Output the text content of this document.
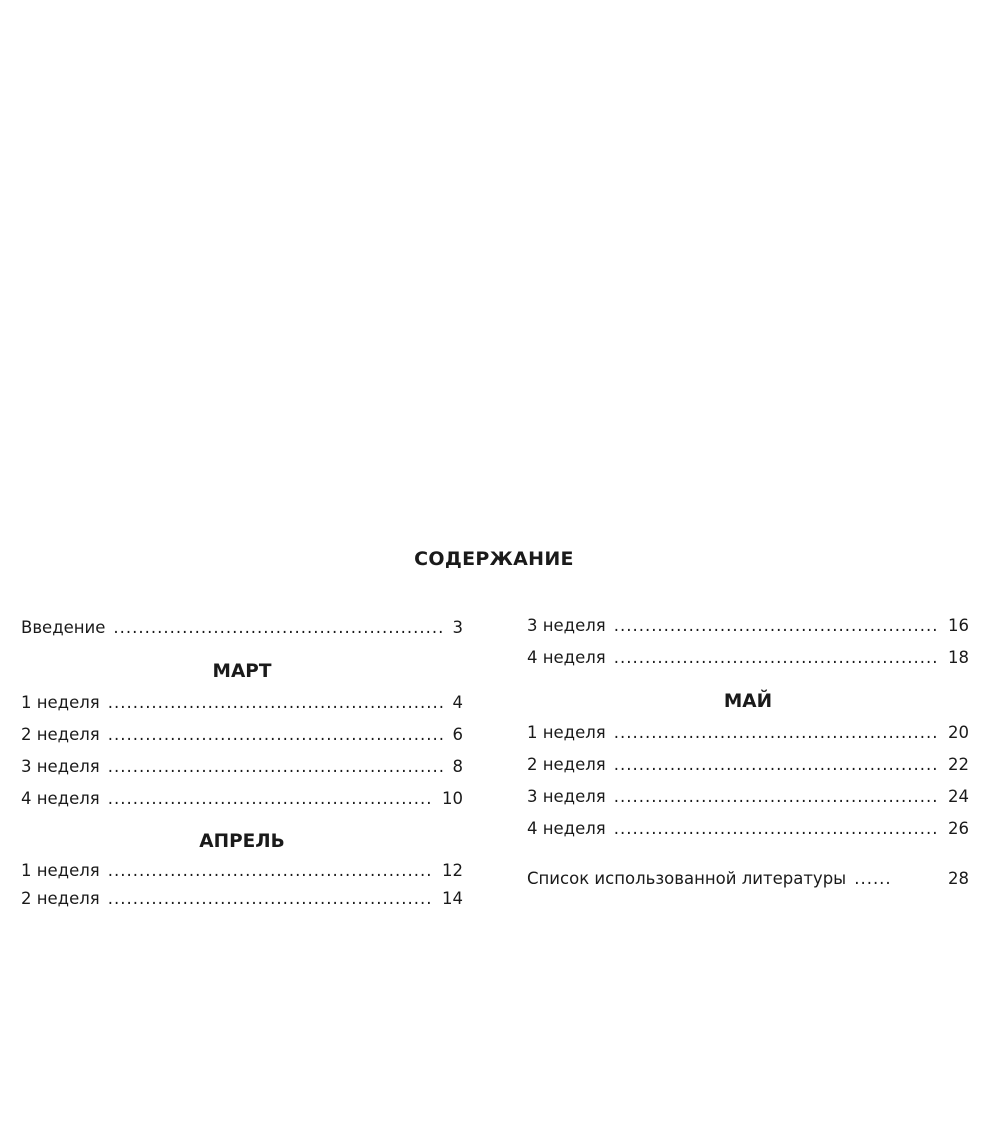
СОДЕРЖАНИЕ
Введение .....	3
МАРТ
1 неделя .....	4
2 неделя .....	6
3 неделя .....	8
4 неделя .....	10
АПРЕЛЬ
1 неделя .....	12
2 неделя .....	14
3 неделя .....	16
4 неделя .....	18
МАЙ
1 неделя .....	20
2 неделя .....	22
3 неделя .....	24
4 неделя .....	26
Список использованной литературы ......	28
